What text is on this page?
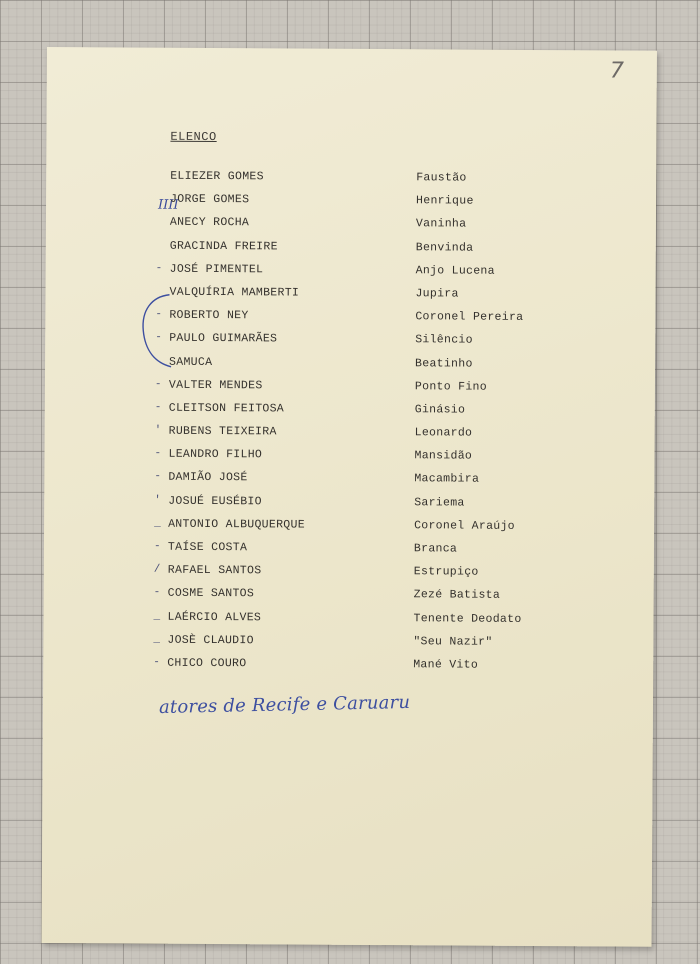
7
ELENCO
IIII
ELIEZER GOMES	Faustão
JORGE GOMES	Henrique
ANECY ROCHA	Vaninha
GRACINDA FREIRE	Benvinda
- JOSÉ PIMENTEL	Anjo Lucena
VALQUÍRIA MAMBERTI	Jupira
- ROBERTO NEY	Coronel Pereira
- PAULO GUIMARÃES	Silêncio
SAMUCA	Beatinho
- VALTER MENDES	Ponto Fino
- CLEITSON FEITOSA	Ginásio
' RUBENS TEIXEIRA	Leonardo
- LEANDRO FILHO	Mansidão
- DAMIÃO JOSÉ	Macambira
' JOSUÉ EUSÉBIO	Sariema
_ ANTONIO ALBUQUERQUE	Coronel Araújo
- TAÍSE COSTA	Branca
/ RAFAEL SANTOS	Estrupiço
- COSME SANTOS	Zezé Batista
_ LAÉRCIO ALVES	Tenente Deodato
_ JOSÈ CLAUDIO	"Seu Nazir"
- CHICO COURO	Mané Vito
atores de Recife e Caruaru
